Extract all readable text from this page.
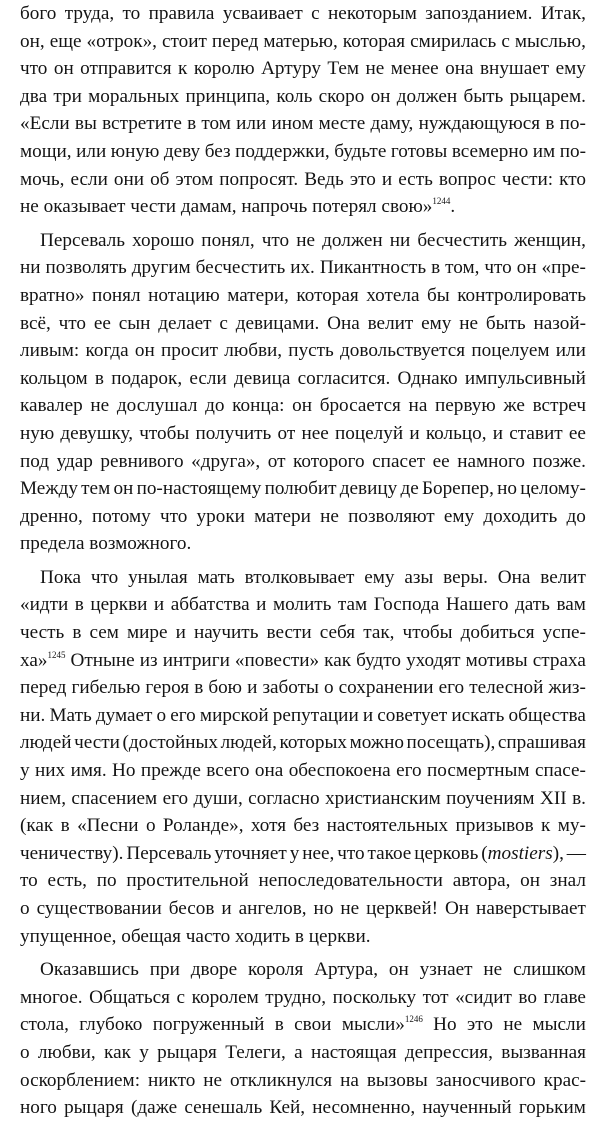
бого труда, то правила усваивает с некоторым запозданием. Итак,
он, еще «отрок», стоит перед матерью, которая смирилась с мыслью,
что он отправится к королю Артуру Тем не менее она внушает ему
два три моральных принципа, коль скоро он должен быть рыцарем.
«Если вы встретите в том или ином месте даму, нуждающуюся в по-
мощи, или юную деву без поддержки, будьте готовы всемерно им по-
мочь, если они об этом попросят. Ведь это и есть вопрос чести: кто
не
оказывает
чести
дамам,
напрочь
потерял
свою»$^{1244}$.
Персеваль хорошо понял, что не должен ни бесчестить женщин,
ни позволять другим бесчестить их. Пикантность в том, что он «пре-
вратно» понял нотацию матери, которая хотела бы контролировать
всё, что ее сын делает с девицами. Она велит ему не быть назой-
ливым: когда он просит любви, пусть довольствуется поцелуем или
кольцом в подарок, если девица согласится. Однако импульсивный
кавалер не дослушал до конца: он бросается на первую же встреч
ную девушку, чтобы получить от нее поцелуй и кольцо, и ставит ее
под удар ревнивого «друга», от которого спасет ее намного позже.
Между тем он по-настоящему полюбит девицу де Борепер, но целому-
дренно, потому что уроки матери не позволяют ему доходить до
предела
возможного.
Пока что унылая мать втолковывает ему азы веры. Она велит
«идти в церкви и аббатства и молить там Господа Нашего дать вам
честь в сем мире и научить вести себя так, чтобы добиться успе-
ха»$^{1245}$ Отныне из интриги «повести» как будто уходят мотивы страха
перед гибелью героя в бою и заботы о сохранении его телесной жиз-
ни. Мать думает о его мирской репутации и советует искать общества
людей чести (достойных людей, которых можно посещать), спрашивая
у них имя. Но прежде всего она обеспокоена его посмертным спасе-
нием, спасением его души, согласно христианским поучениям XII в.
(как в «Песни о Роланде», хотя без настоятельных призывов к му-
ченичеству). Персеваль уточняет у нее, что такое церковь (mostiers), —
то есть, по простительной непоследовательности автора, он знал
о существовании бесов и ангелов, но не церквей! Он наверстывает
упущенное,
обещая
часто
ходить
в
церкви.
Оказавшись при дворе короля Артура, он узнает не слишком
многое. Общаться с королем трудно, поскольку тот «сидит во главе
стола, глубоко погруженный в свои мысли»$^{1246}$ Но это не мысли
о любви, как у рыцаря Телеги, а настоящая депрессия, вызванная
оскорблением: никто не откликнулся на вызовы заносчивого крас-
ного рыцаря (даже сенешаль Кей, несомненно, наученный горьким
